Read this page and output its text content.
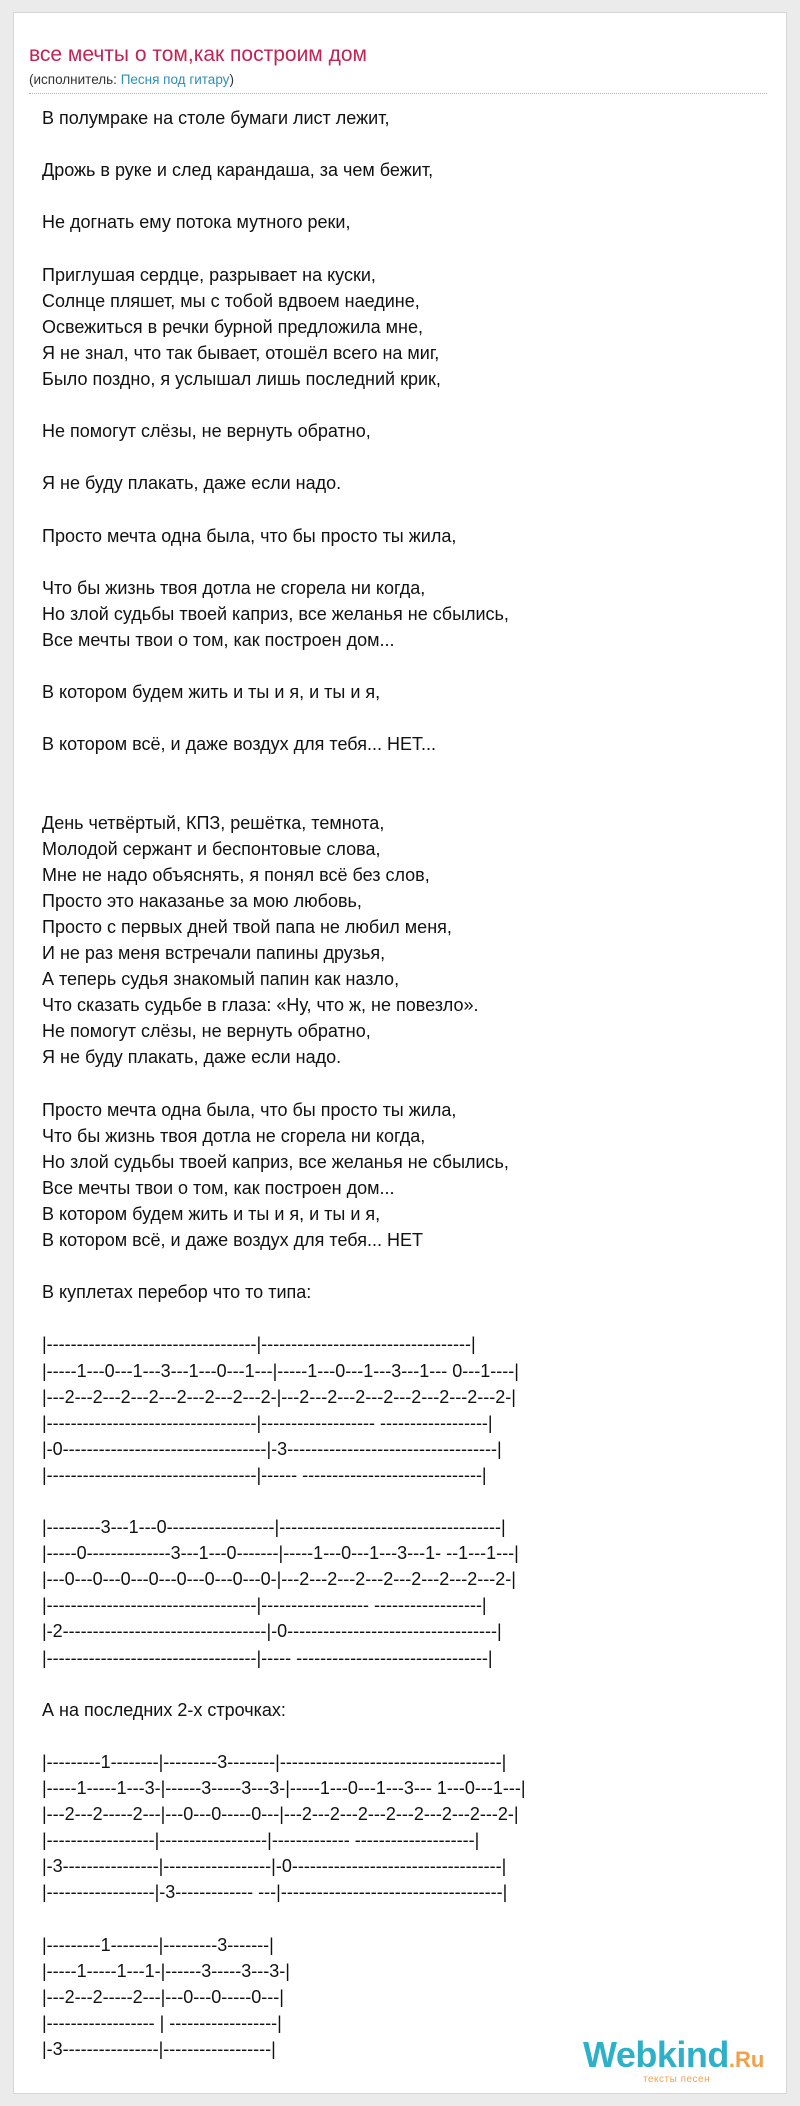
все мечты о том,как построим дом
(исполнитель: Песня под гитару)
В полумраке на столе бумаги лист лежит,

Дрожь в руке и след карандаша, за чем бежит,

Не догнать ему потока мутного реки,

Приглушая сердце, разрывает на куски,
Солнце пляшет, мы с тобой вдвоем наедине,
Освежиться в речки бурной предложила мне,
Я не знал, что так бывает, отошёл всего на миг,
Было поздно, я услышал лишь последний крик,

Не помогут слёзы, не вернуть обратно,

Я не буду плакать, даже если надо.

Просто мечта одна была, что бы просто ты жила,

Что бы жизнь твоя дотла не сгорела ни когда,
Но злой судьбы твоей каприз, все желанья не сбылись,
Все мечты твои о том, как построен дом...

В котором будем жить и ты и я, и ты и я,

В котором всё, и даже воздух для тебя... НЕТ...

День четвёртый, КПЗ, решётка, темнота,
Молодой сержант и беспонтовые слова,
Мне не надо объяснять, я понял всё без слов,
Просто это наказанье за мою любовь,
Просто с первых дней твой папа не любил меня,
И не раз меня встречали папины друзья,
А теперь судья знакомый папин как назло,
Что сказать судьбе в глаза: «Ну, что ж, не повезло».
Не помогут слёзы, не вернуть обратно,
Я не буду плакать, даже если надо.

Просто мечта одна была, что бы просто ты жила,
Что бы жизнь твоя дотла не сгорела ни когда,
Но злой судьбы твоей каприз, все желанья не сбылись,
Все мечты твои о том, как построен дом...
В котором будем жить и ты и я, и ты и я,
В котором всё, и даже воздух для тебя... НЕТ

В куплетах перебор что то типа:

|-----------------------------------|-----------------------------------|
|-----1---0---1---3---1---0---1---|-----1---0---1---3---1--- 0---1----|
|---2---2---2---2---2---2---2---2-|---2---2---2---2---2---2---2---2-|
|-----------------------------------|------------------- ------------------|
|-0----------------------------------|-3-----------------------------------|
|-----------------------------------|------ ------------------------------|

|---------3---1---0------------------|-------------------------------------|
|-----0--------------3---1---0-------|-----1---0---1---3---1- --1---1---|
|---0---0---0---0---0---0---0---0-|---2---2---2---2---2---2---2---2-|
|-----------------------------------|------------------ ------------------|
|-2----------------------------------|-0-----------------------------------|
|-----------------------------------|----- --------------------------------|

А на последних 2-х строчках:

|---------1--------|---------3--------|-------------------------------------|
|-----1-----1---3-|------3-----3---3-|-----1---0---1---3--- 1---0---1---|
|---2---2-----2---|---0---0-----0---|---2---2---2---2---2---2---2---2-|
|------------------|------------------|------------- --------------------|
|-3----------------|------------------|-0-----------------------------------|
|------------------|-3------------- ---|-------------------------------------|

|---------1--------|---------3-------|
|-----1-----1---1-|------3-----3---3-|
|---2---2-----2---|---0---0-----0---|
|------------------ | ------------------|
|-3----------------|------------------|	Webkind.Ru
тексты песен
